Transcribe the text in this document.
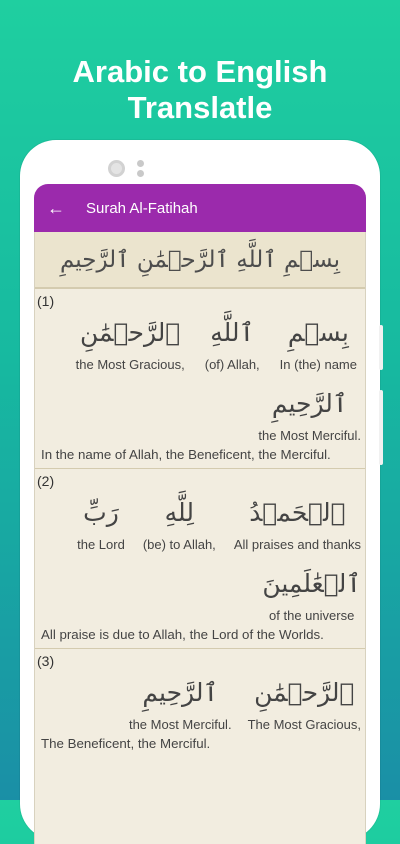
Arabic to English
Translatle
←	Surah Al-Fatihah
بِسۡمِ ٱللَّهِ ٱلرَّحۡمَٰنِ ٱلرَّحِيمِ
(1)
بِسۡمِ
In (the) name
ٱللَّهِ
(of) Allah,
ٱلرَّحۡمَٰنِ
the Most Gracious,
ٱلرَّحِيمِ
the Most Merciful.
In the name of Allah, the Beneficent, the Merciful.
(2)
ٱلۡحَمۡدُ
All praises and thanks
لِلَّهِ
(be) to Allah,
رَبِّ
the Lord
ٱلۡعَٰلَمِينَ
of the universe
All praise is due to Allah, the Lord of the Worlds.
(3)
ٱلرَّحۡمَٰنِ
The Most Gracious,
ٱلرَّحِيمِ
the Most Merciful.
The Beneficent, the Merciful.
